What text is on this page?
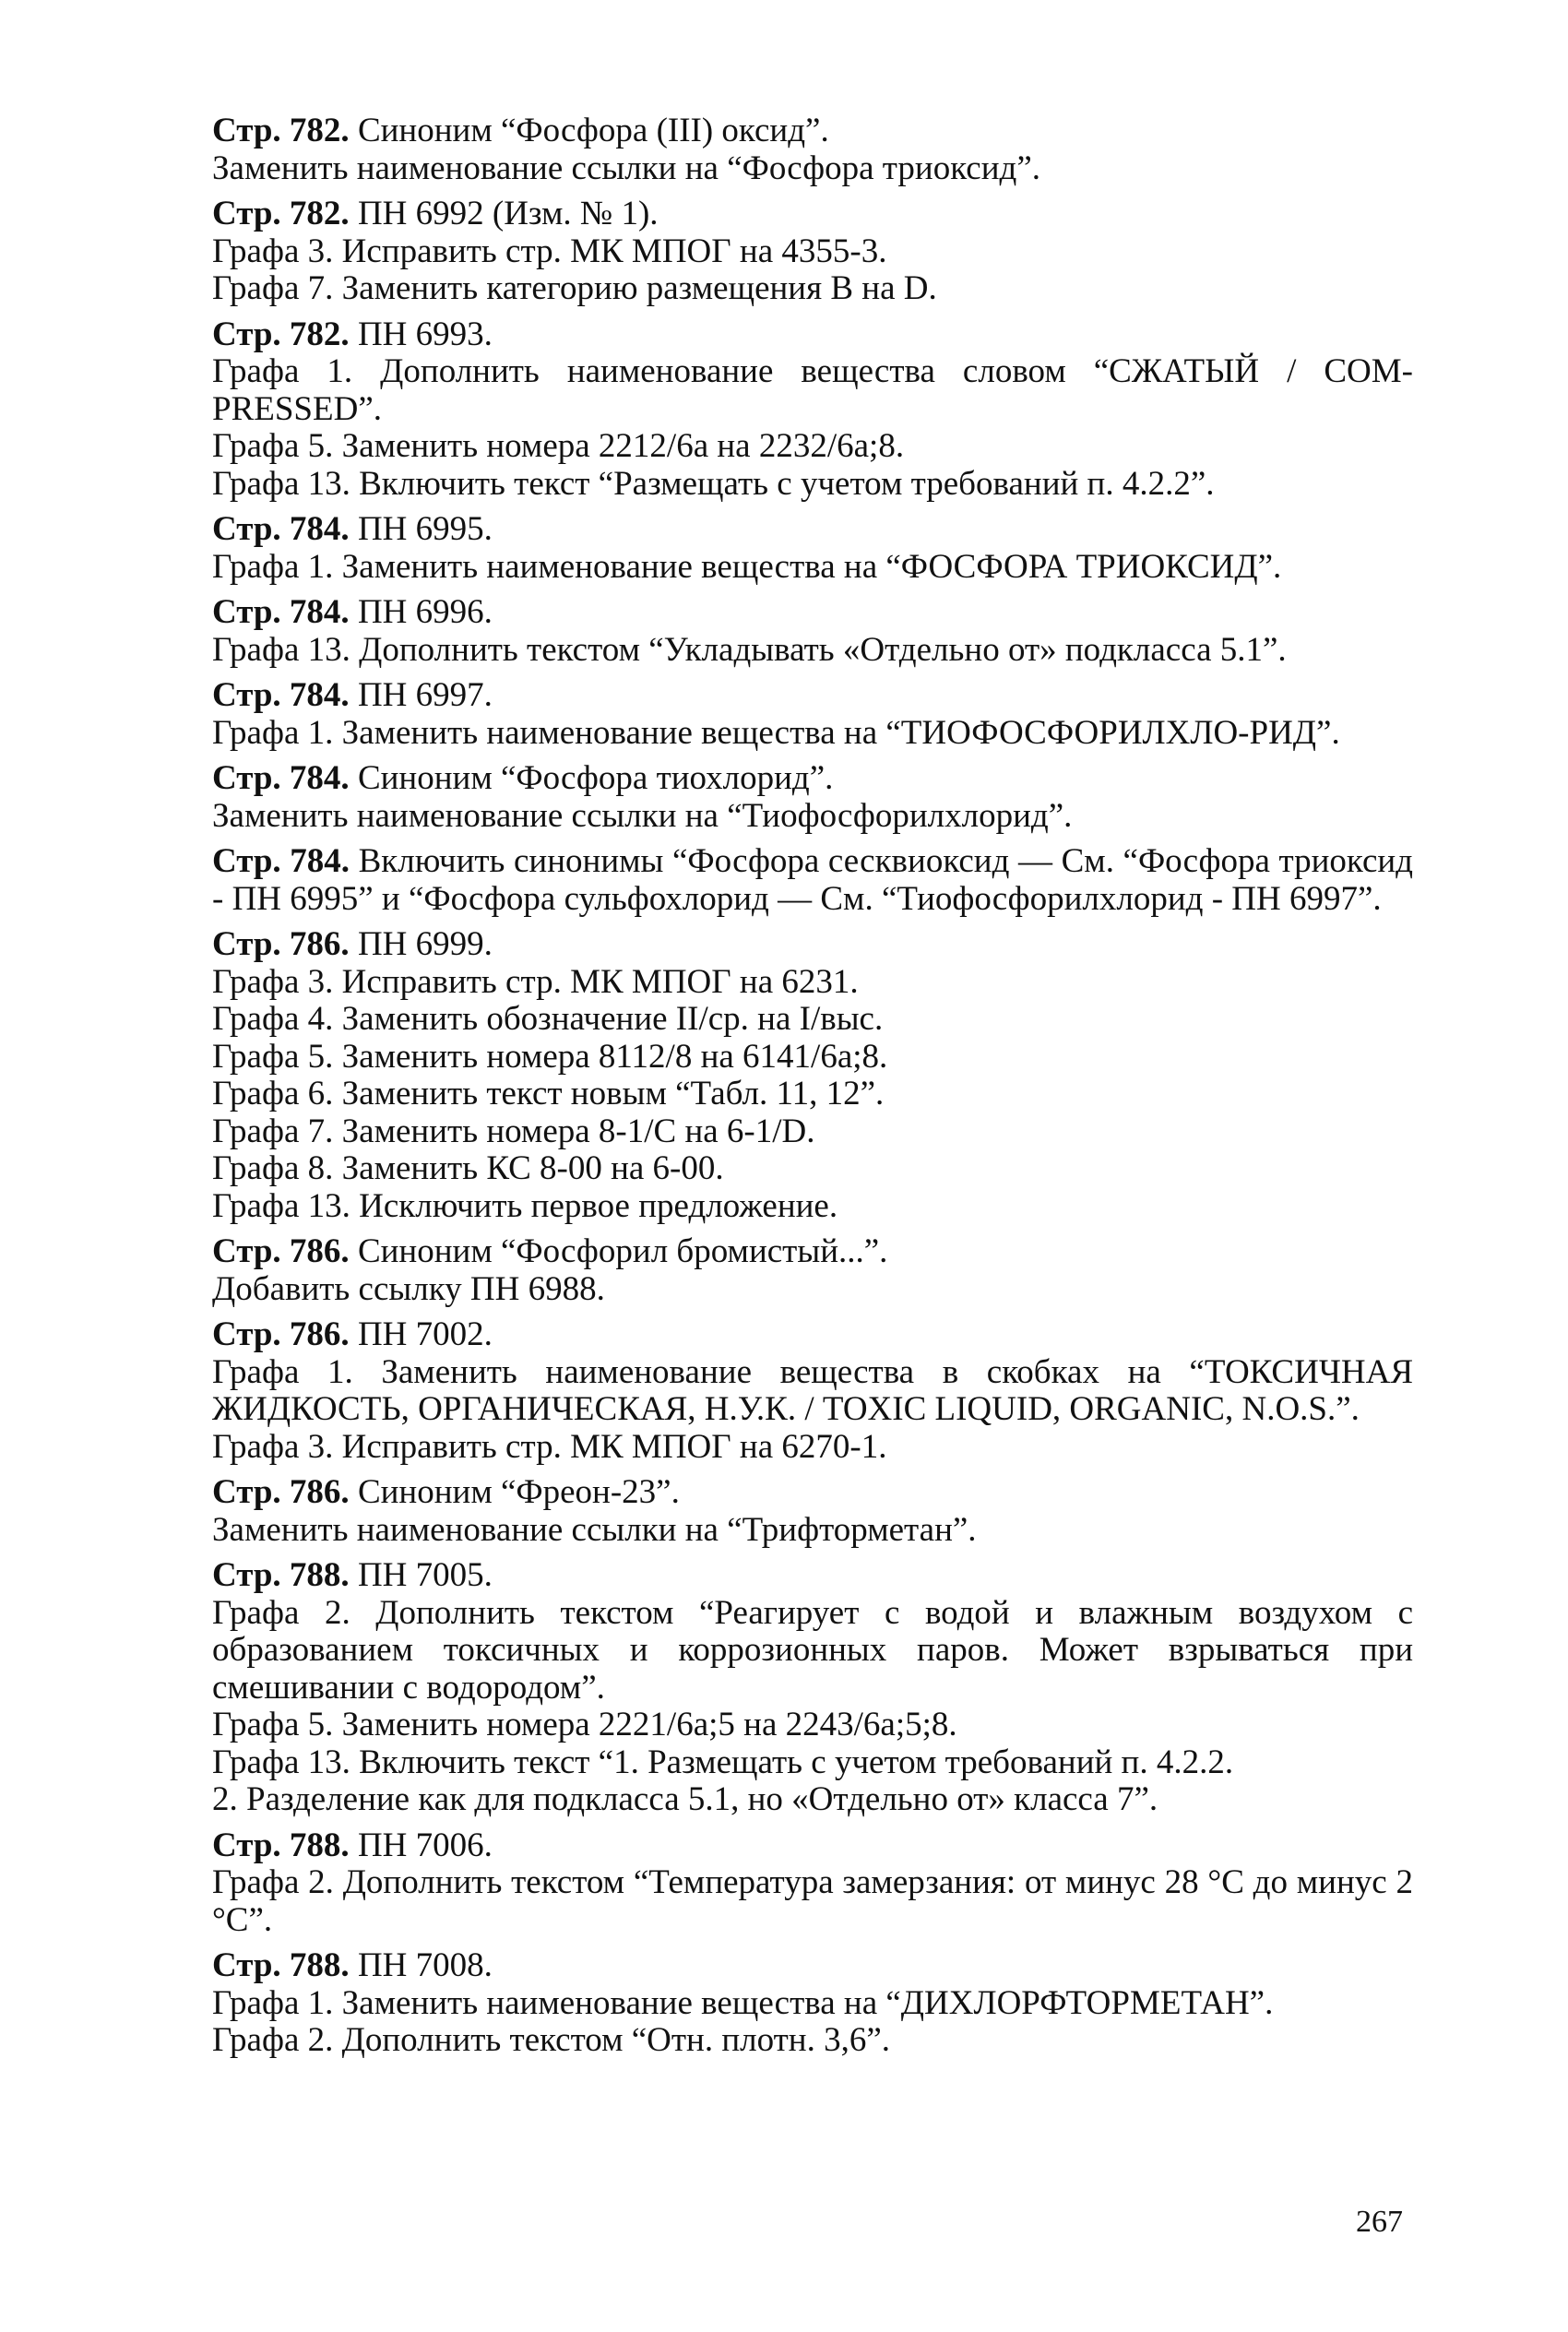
Стр. 782. Синоним “Фосфора (III) оксид”.
Заменить наименование ссылки на “Фосфора триоксид”.
Стр. 782. ПН 6992 (Изм. № 1).
Графа 3. Исправить стр. МК МПОГ на 4355-3.
Графа 7. Заменить категорию размещения В на D.
Стр. 782. ПН 6993.
Графа 1. Дополнить наименование вещества словом “СЖАТЫЙ / COM-PRESSED”.
Графа 5. Заменить номера 2212/6а на 2232/6а;8.
Графа 13. Включить текст “Размещать с учетом требований п. 4.2.2”.
Стр. 784. ПН 6995.
Графа 1. Заменить наименование вещества на “ФОСФОРА ТРИОКСИД”.
Стр. 784. ПН 6996.
Графа 13. Дополнить текстом “Укладывать «Отдельно от» подкласса 5.1”.
Стр. 784. ПН 6997.
Графа 1. Заменить наименование вещества на “ТИОФОСФОРИЛХЛО-РИД”.
Стр. 784. Синоним “Фосфора тиохлорид”.
Заменить наименование ссылки на “Тиофосфорилхлорид”.
Стр. 784. Включить синонимы “Фосфора сесквиоксид — См. “Фосфора триоксид - ПН 6995” и “Фосфора сульфохлорид — См. “Тиофосфорилхлорид - ПН 6997”.
Стр. 786. ПН 6999.
Графа 3. Исправить стр. МК МПОГ на 6231.
Графа 4. Заменить обозначение II/ср. на I/выс.
Графа 5. Заменить номера 8112/8 на 6141/6а;8.
Графа 6. Заменить текст новым “Табл. 11, 12”.
Графа 7. Заменить номера 8-1/С на 6-1/D.
Графа 8. Заменить КС 8-00 на 6-00.
Графа 13. Исключить первое предложение.
Стр. 786. Синоним “Фосфорил бромистый...”.
Добавить ссылку ПН 6988.
Стр. 786. ПН 7002.
Графа 1. Заменить наименование вещества в скобках на “ТОКСИЧНАЯ ЖИДКОСТЬ, ОРГАНИЧЕСКАЯ, Н.У.К. / TOXIC LIQUID, ORGANIC, N.O.S.”.
Графа 3. Исправить стр. МК МПОГ на 6270-1.
Стр. 786. Синоним “Фреон-23”.
Заменить наименование ссылки на “Трифторметан”.
Стр. 788. ПН 7005.
Графа 2. Дополнить текстом “Реагирует с водой и влажным воздухом с образованием токсичных и коррозионных паров. Может взрываться при смешивании с водородом”.
Графа 5. Заменить номера 2221/6а;5 на 2243/6а;5;8.
Графа 13. Включить текст “1. Размещать с учетом требований п. 4.2.2.
2. Разделение как для подкласса 5.1, но «Отдельно от» класса 7”.
Стр. 788. ПН 7006.
Графа 2. Дополнить текстом “Температура замерзания: от минус 28 °С до минус 2 °С”.
Стр. 788. ПН 7008.
Графа 1. Заменить наименование вещества на “ДИХЛОРФТОРМЕТАН”.
Графа 2. Дополнить текстом “Отн. плотн. 3,6”.
267
